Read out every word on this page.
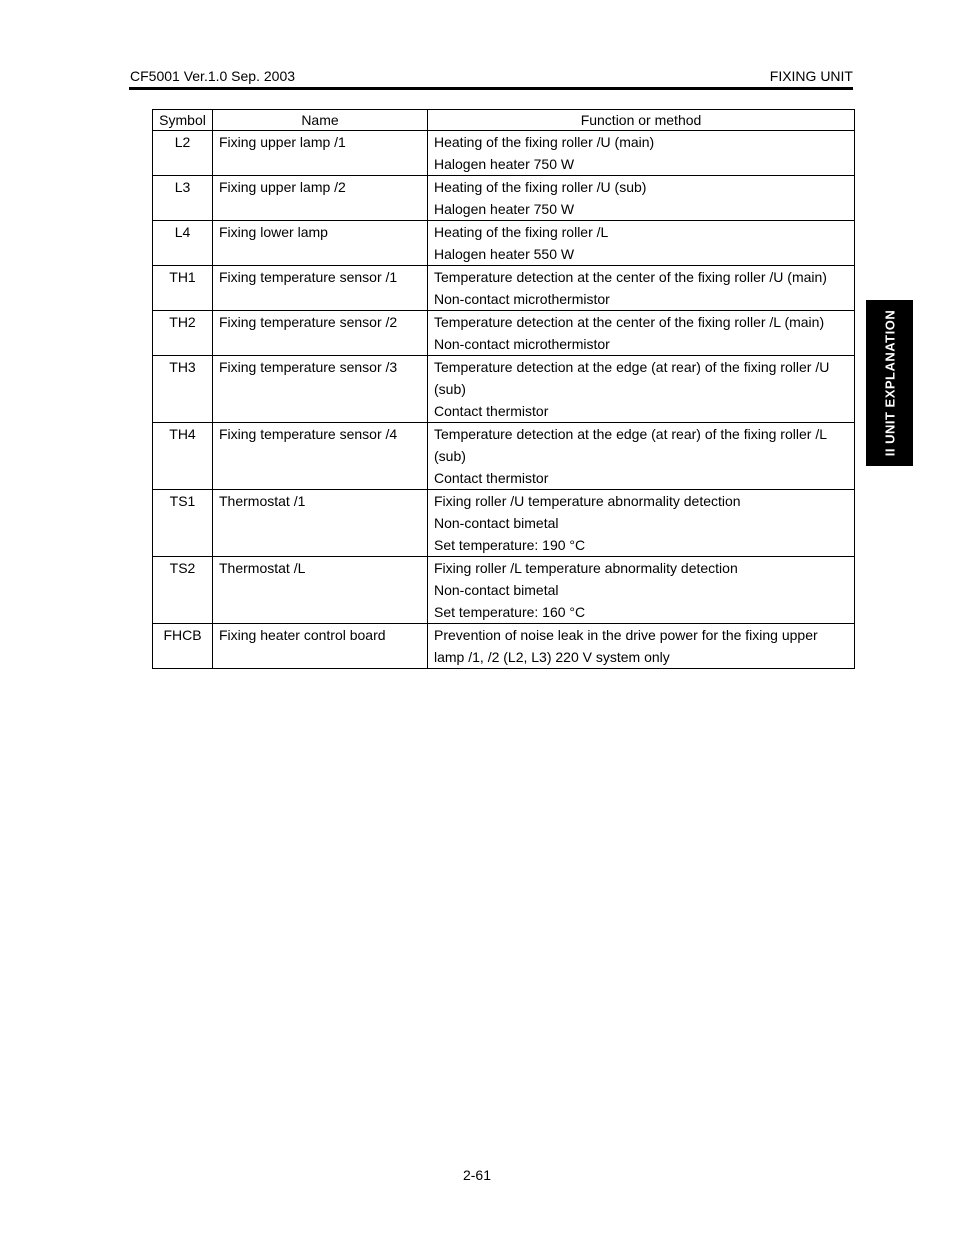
CF5001 Ver.1.0 Sep. 2003	FIXING UNIT
II UNIT EXPLANATION
Symbol	Name	Function or method
L2	Fixing upper lamp /1	Heating of the fixing roller /U (main)
Halogen heater 750 W

L3	Fixing upper lamp /2	Heating of the fixing roller /U (sub)
Halogen heater 750 W

L4	Fixing lower lamp	Heating of the fixing roller /L
Halogen heater 550 W

TH1	Fixing temperature sensor /1	Temperature detection at the center of the fixing roller /U (main)
Non-contact microthermistor

TH2	Fixing temperature sensor /2	Temperature detection at the center of the fixing roller /L (main)
Non-contact microthermistor

TH3	Fixing temperature sensor /3	Temperature detection at the edge (at rear) of the fixing roller /U
(sub)
Contact thermistor

TH4	Fixing temperature sensor /4	Temperature detection at the edge (at rear) of the fixing roller /L
(sub)
Contact thermistor

TS1	Thermostat /1	Fixing roller /U temperature abnormality detection
Non-contact bimetal
Set temperature: 190 °C

TS2	Thermostat /L	Fixing roller /L temperature abnormality detection
Non-contact bimetal
Set temperature: 160 °C

FHCB	Fixing heater control board	Prevention of noise leak in the drive power for the fixing upper
lamp /1, /2 (L2, L3) 220 V system only
2-61
